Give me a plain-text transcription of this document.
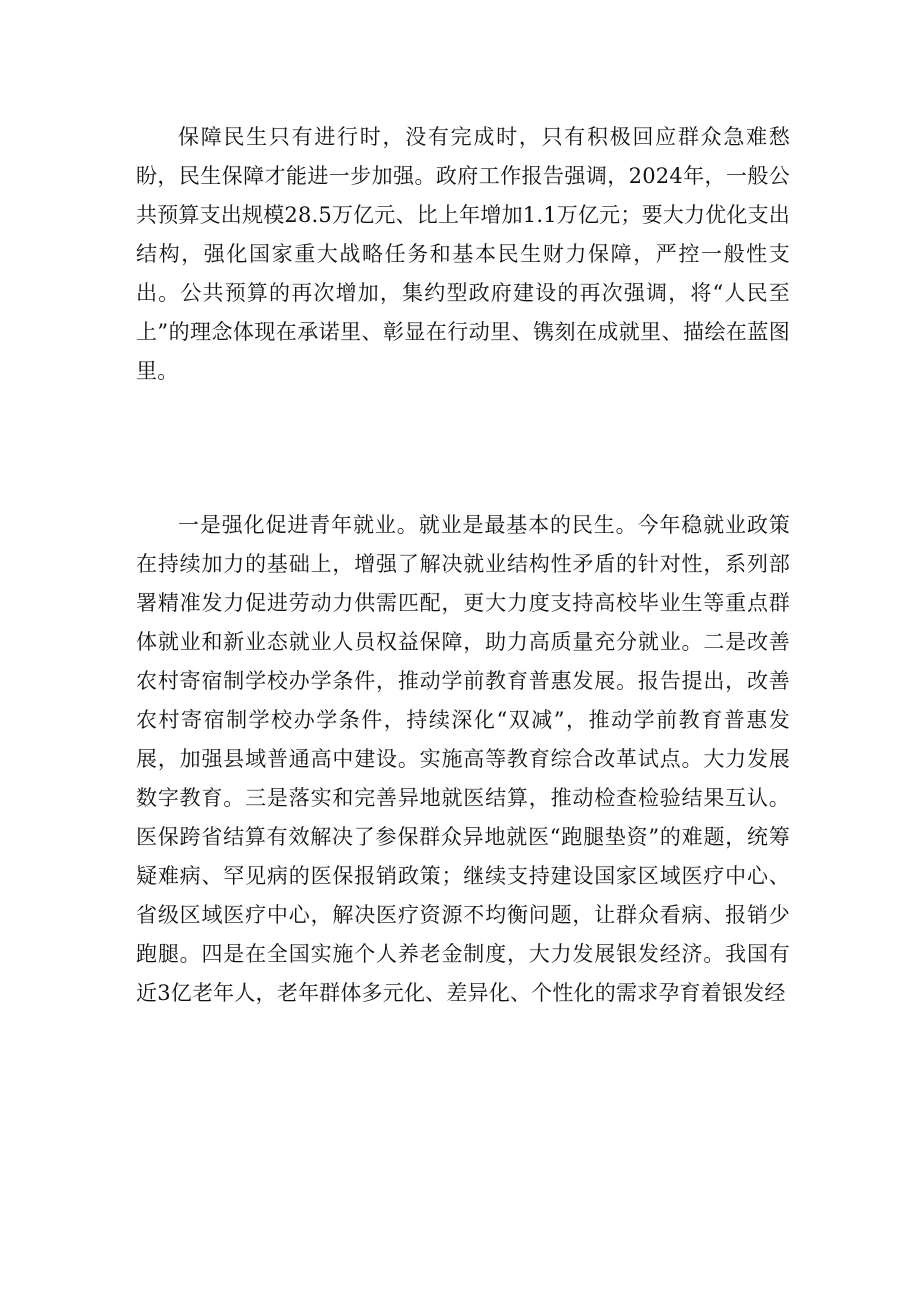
保障民生只有进行时，没有完成时，只有积极回应群众急难愁盼，民生保障才能进一步加强。政府工作报告强调，2024年，一般公共预算支出规模28.5万亿元、比上年增加1.1万亿元；要大力优化支出结构，强化国家重大战略任务和基本民生财力保障，严控一般性支出。公共预算的再次增加，集约型政府建设的再次强调，将“人民至上”的理念体现在承诺里、彰显在行动里、镌刻在成就里、描绘在蓝图里。

一是强化促进青年就业。就业是最基本的民生。今年稳就业政策在持续加力的基础上，增强了解决就业结构性矛盾的针对性，系列部署精准发力促进劳动力供需匹配，更大力度支持高校毕业生等重点群体就业和新业态就业人员权益保障，助力高质量充分就业。二是改善农村寄宿制学校办学条件，推动学前教育普惠发展。报告提出，改善农村寄宿制学校办学条件，持续深化“双减”，推动学前教育普惠发展，加强县域普通高中建设。实施高等教育综合改革试点。大力发展数字教育。三是落实和完善异地就医结算，推动检查检验结果互认。医保跨省结算有效解决了参保群众异地就医“跑腿垫资”的难题，统筹疑难病、罕见病的医保报销政策；继续支持建设国家区域医疗中心、省级区域医疗中心，解决医疗资源不均衡问题，让群众看病、报销少跑腿。四是在全国实施个人养老金制度，大力发展银发经济。我国有近3亿老年人，老年群体多元化、差异化、个性化的需求孕育着银发经
